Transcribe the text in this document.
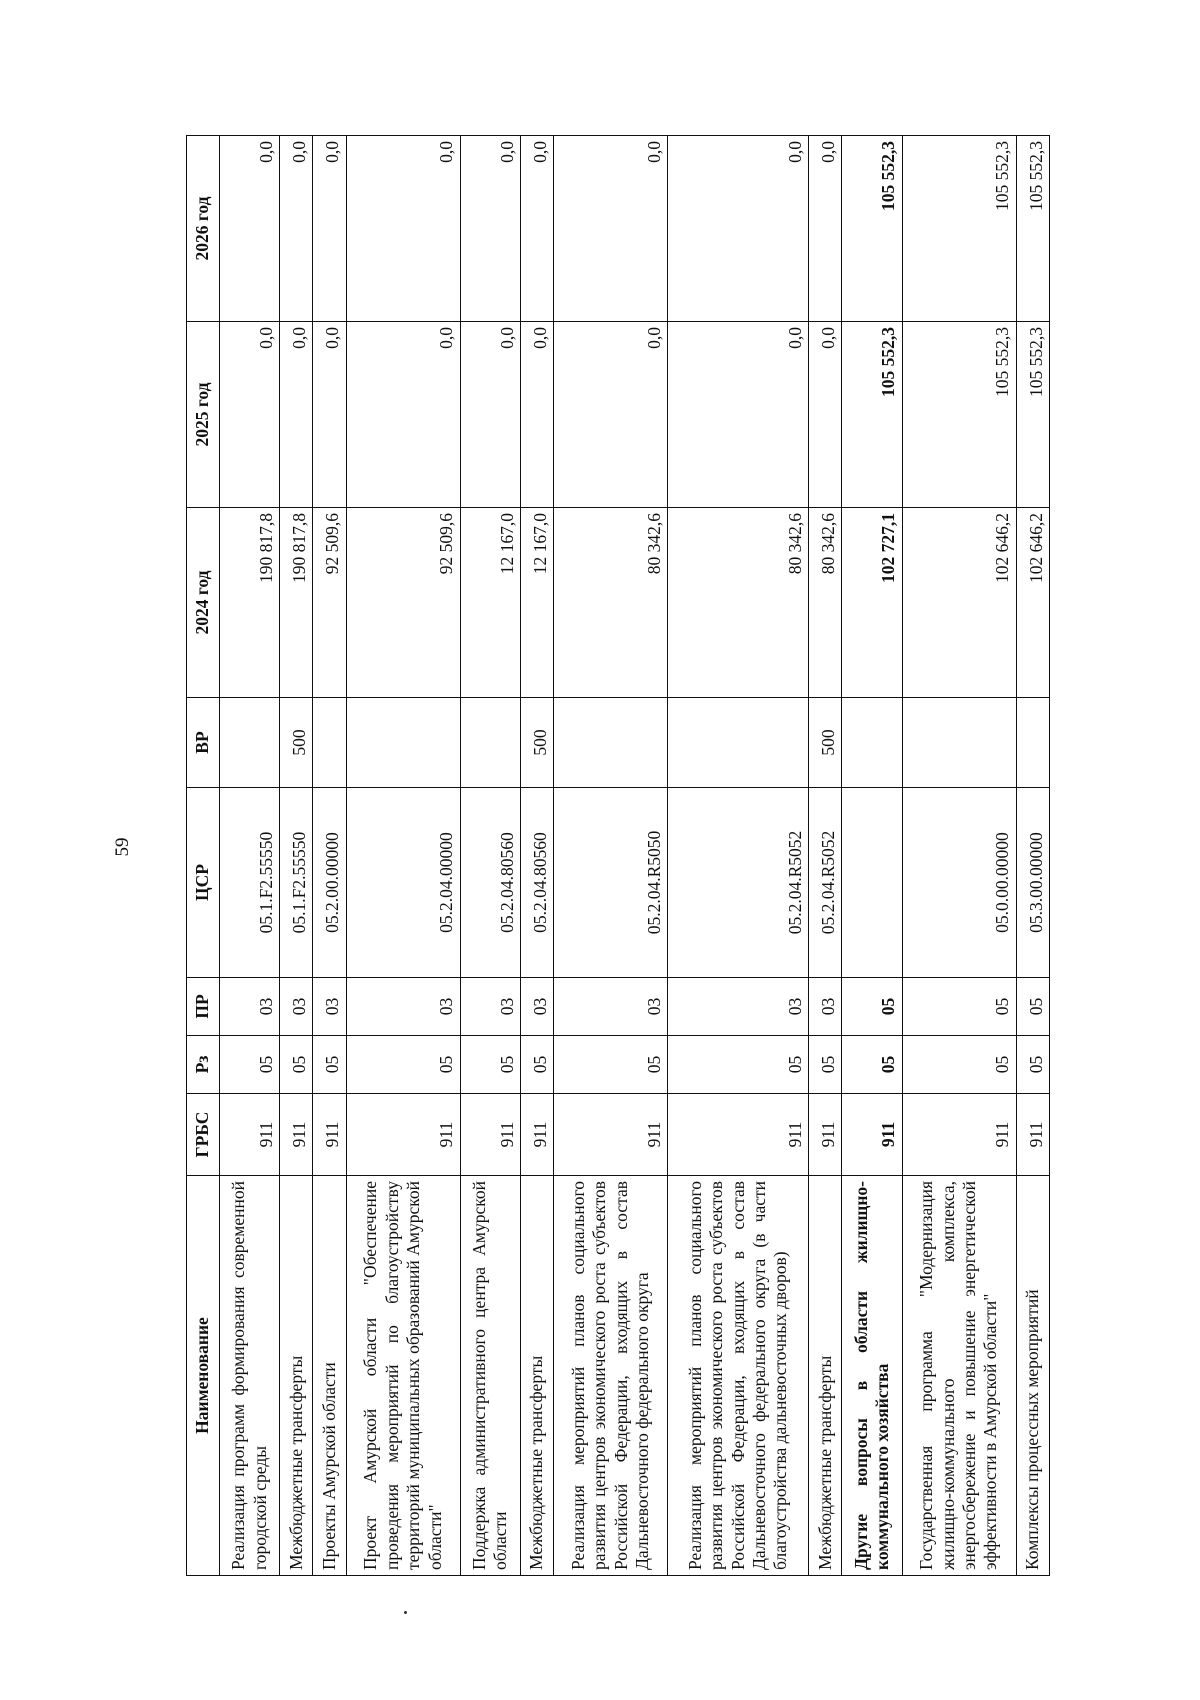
59
Наименование	ГРБС	Рз	ПР	ЦСР	ВР	2024 год	2025 год	2026 год
Реализация программ формирования современной городской среды	911	05	03	05.1.F2.55550		190 817,8	0,0	0,0
Межбюджетные трансферты	911	05	03	05.1.F2.55550	500	190 817,8	0,0	0,0
Проекты Амурской области	911	05	03	05.2.00.00000		92 509,6	0,0	0,0
Проект Амурской области "Обеспечение проведения мероприятий по благоустройству территорий муниципальных образований Амурской области"	911	05	03	05.2.04.00000		92 509,6	0,0	0,0
Поддержка административного центра Амурской области	911	05	03	05.2.04.80560		12 167,0	0,0	0,0
Межбюджетные трансферты	911	05	03	05.2.04.80560	500	12 167,0	0,0	0,0
Реализация мероприятий планов социального развития центров экономического роста субъектов Российской Федерации, входящих в состав Дальневосточного федерального округа	911	05	03	05.2.04.R5050		80 342,6	0,0	0,0
Реализация мероприятий планов социального развития центров экономического роста субъектов Российской Федерации, входящих в состав Дальневосточного федерального округа (в части благоустройства дальневосточных дворов)	911	05	03	05.2.04.R5052		80 342,6	0,0	0,0
Межбюджетные трансферты	911	05	03	05.2.04.R5052	500	80 342,6	0,0	0,0
Другие вопросы в области жилищно-коммунального хозяйства	911	05	05			102 727,1	105 552,3	105 552,3
Государственная программа "Модернизация жилищно-коммунального комплекса, энергосбережение и повышение энергетической эффективности в Амурской области"	911	05	05	05.0.00.00000		102 646,2	105 552,3	105 552,3
Комплексы процессных мероприятий	911	05	05	05.3.00.00000		102 646,2	105 552,3	105 552,3
